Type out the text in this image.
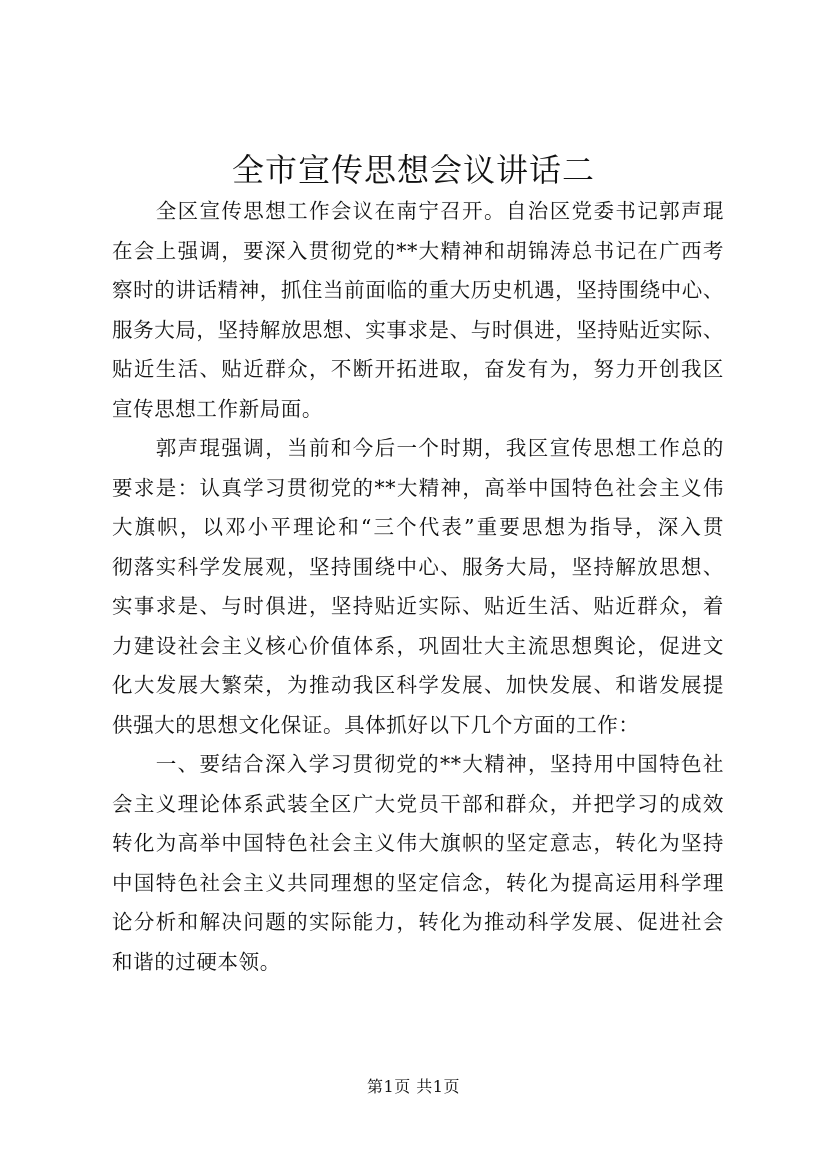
全市宣传思想会议讲话二
　　全区宣传思想工作会议在南宁召开。自治区党委书记郭声琨
在会上强调，要深入贯彻党的**大精神和胡锦涛总书记在广西考
察时的讲话精神，抓住当前面临的重大历史机遇，坚持围绕中心、
服务大局，坚持解放思想、实事求是、与时俱进，坚持贴近实际、
贴近生活、贴近群众，不断开拓进取，奋发有为，努力开创我区
宣传思想工作新局面。
　　郭声琨强调，当前和今后一个时期，我区宣传思想工作总的
要求是：认真学习贯彻党的**大精神，高举中国特色社会主义伟
大旗帜，以邓小平理论和“三个代表”重要思想为指导，深入贯
彻落实科学发展观，坚持围绕中心、服务大局，坚持解放思想、
实事求是、与时俱进，坚持贴近实际、贴近生活、贴近群众，着
力建设社会主义核心价值体系，巩固壮大主流思想舆论，促进文
化大发展大繁荣，为推动我区科学发展、加快发展、和谐发展提
供强大的思想文化保证。具体抓好以下几个方面的工作：
　　一、要结合深入学习贯彻党的**大精神，坚持用中国特色社
会主义理论体系武装全区广大党员干部和群众，并把学习的成效
转化为高举中国特色社会主义伟大旗帜的坚定意志，转化为坚持
中国特色社会主义共同理想的坚定信念，转化为提高运用科学理
论分析和解决问题的实际能力，转化为推动科学发展、促进社会
和谐的过硬本领。
第1页 共1页
